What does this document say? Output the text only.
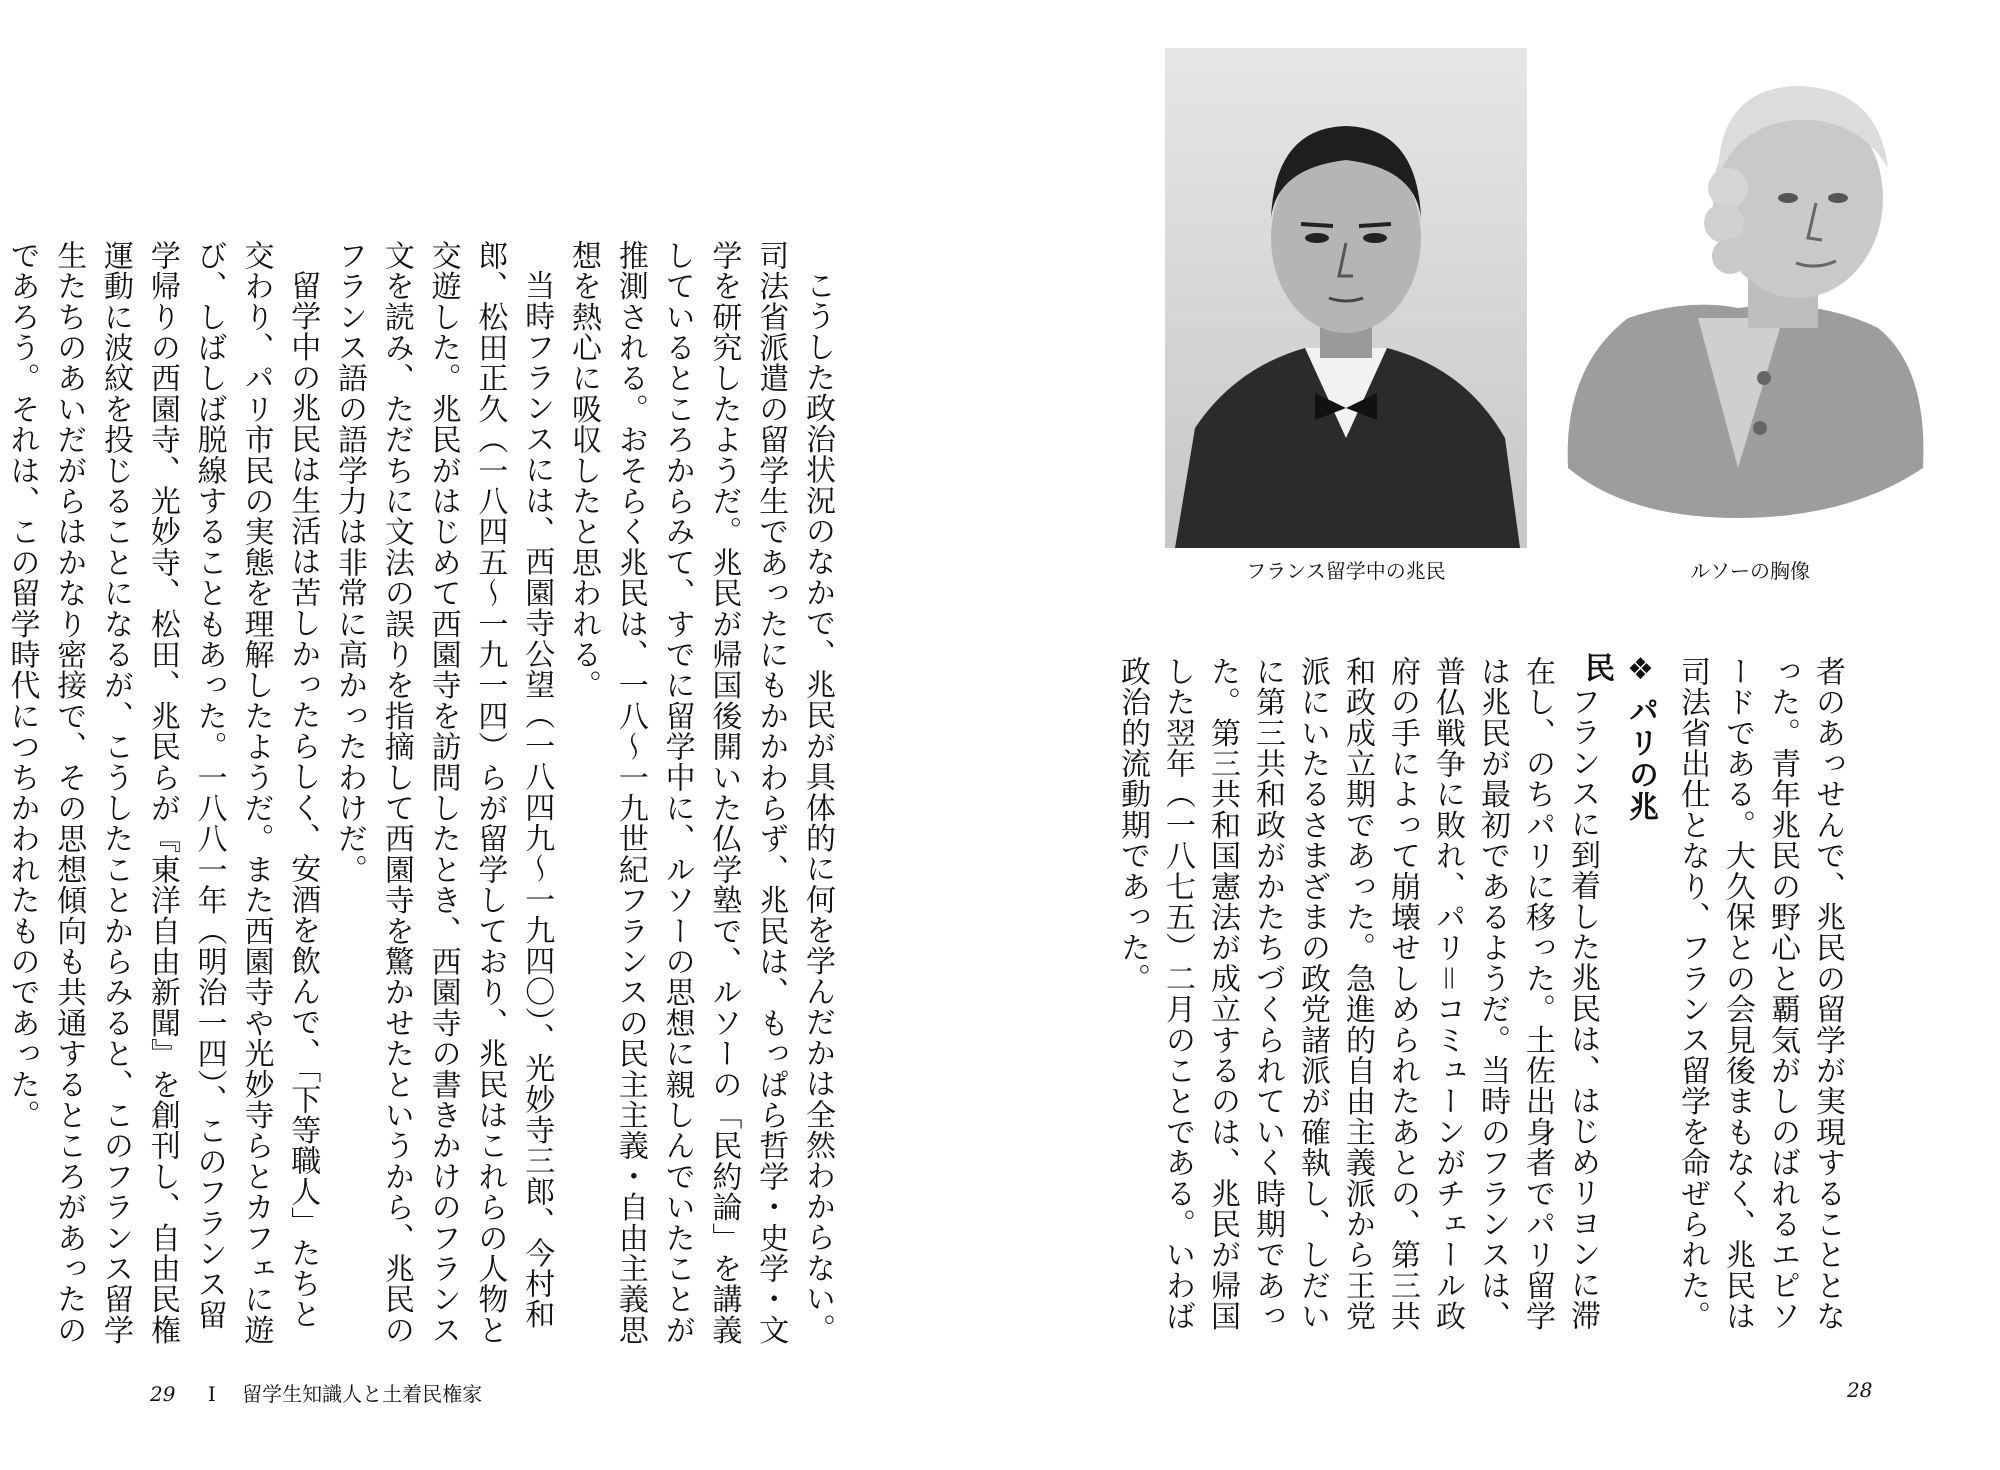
こうした政治状況のなかで、兆民が具体的に何を学んだかは全然わからない。司法省派遣の留学生であったにもかかわらず、兆民は、もっぱら哲学・史学・文学を研究したようだ。兆民が帰国後開いた仏学塾で、ルソーの「民約論」を講義しているところからみて、すでに留学中に、ルソーの思想に親しんでいたことが推測される。おそらく兆民は、一八～一九世紀フランスの民主主義・自由主義思想を熱心に吸収したと思われる。

当時フランスには、西園寺公望（一八四九～一九四〇）、光妙寺三郎、今村和郎、松田正久（一八四五～一九一四）らが留学しており、兆民はこれらの人物と交遊した。兆民がはじめて西園寺を訪問したとき、西園寺の書きかけのフランス文を読み、ただちに文法の誤りを指摘して西園寺を驚かせたというから、兆民のフランス語の語学力は非常に高かったわけだ。

留学中の兆民は生活は苦しかったらしく、安酒を飲んで、「下等職人」たちと交わり、パリ市民の実態を理解したようだ。また西園寺や光妙寺らとカフェに遊び、しばしば脱線することもあった。一八八一年（明治一四）、このフランス留学帰りの西園寺、光妙寺、松田、兆民らが『東洋自由新聞』を創刊し、自由民権運動に波紋を投じることになるが、こうしたことからみると、このフランス留学生たちのあいだがらはかなり密接で、その思想傾向も共通するところがあったのであろう。それは、この留学時代につちかわれたものであった。

29 I 留学生知識人と土着民権家
フランス留学中の兆民	ルソーの胸像

者のあっせんで、兆民の留学が実現することとなった。青年兆民の野心と覇気がしのばれるエピソードである。大久保との会見後まもなく、兆民は司法省出仕となり、フランス留学を命ぜられた。

❖パリの兆民

フランスに到着した兆民は、はじめリヨンに滞在し、のちパリに移った。土佐出身者でパリ留学は兆民が最初であるようだ。当時のフランスは、普仏戦争に敗れ、パリ＝コミューンがチェール政府の手によって崩壊せしめられたあとの、第三共和政成立期であった。急進的自由主義派から王党派にいたるさまざまの政党諸派が確執し、しだいに第三共和政がかたちづくられていく時期であった。第三共和国憲法が成立するのは、兆民が帰国した翌年（一八七五）二月のことである。いわば政治的流動期であった。

28
